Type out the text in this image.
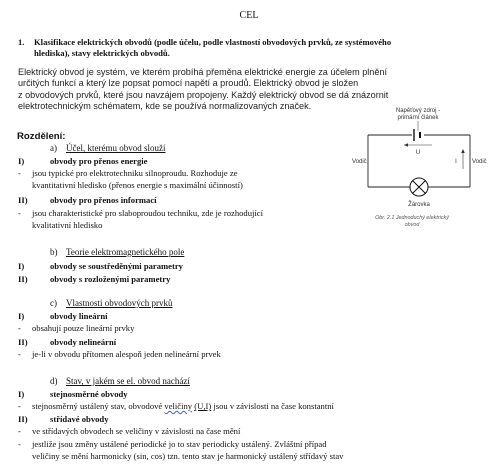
CEL
1. Klasifikace elektrických obvodů (podle účelu, podle vlastností obvodových prvků, ze systémového
hlediska), stavy elektrických obvodů.
Elektrický obvod je systém, ve kterém probíhá přeměna elektrické energie za účelem plnění
určitých funkcí a který lze popsat pomocí napětí a proudů. Elektrický obvod je složen
z obvodových prvků, které jsou navzájem propojeny. Každý elektrický obvod se dá znázornit
elektrotechnickým schématem, kde se používá normalizovaných značek.
Rozdělení:
a) Účel, kterému obvod slouží
I)	obvody pro přenos energie
- jsou typické pro elektrotechniku silnoproudu. Rozhoduje ze
kvantitativní hlediskо (přenos energie s maximální účinností)
II)	obvody pro přenos informací
- jsou charakteristické pro slaboproudou techniku, zde je rozhodující
kvalitativní hledisko
b) Teorie elektromagnetického pole
I)	obvody se soustředěnými parametry
II)	obvody s rozloženými parametry
c) Vlastnosti obvodových prvků
I)	obvody lineární
- obsahují pouze lineární prvky
II)	obvody nelineární
- je-li v obvodu přítomen alespoň jeden nelineární prvek
d) Stav, v jakém se el. obvod nachází
I)	stejnosměrné obvody
- stejnosměrný ustálený stav, obvodové veličiny (U,I) jsou v závislosti na čase konstantní
II)	střídavé obvody
- ve střídavých obvodech se veličiny v závislosti na čase mění
- jestliže jsou změny ustálené periodické jo to stav periodicky ustálený. Zvláštní případ
veličiny se mění harmonicky (sin, cos) tzn. tento stav je harmonický ustálený střídavý stav
Napěťový zdroj -
primární článek
U
I
Vodič	Vodič
Žárovka
Obr. 2.1 Jednoduchý elektrický
obvod
